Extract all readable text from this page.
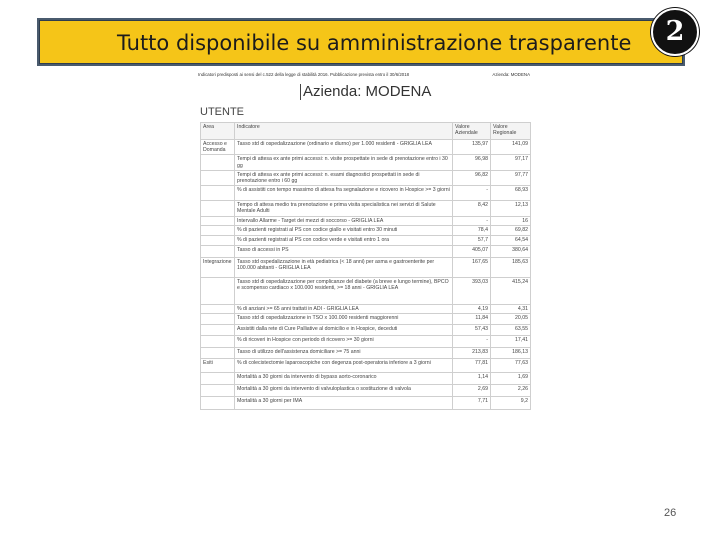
Tutto disponibile su amministrazione trasparente	2
Indicatori predisposti ai sensi del c.522 della legge di stabilità 2016. Pubblicazione prevista entro il 30/6/2018	Azienda: MODENA
Azienda: MODENA
UTENTE
Area	Indicatore	Valore Aziendale	Valore Regionale
Accesso e Domanda	Tasso std di ospedalizzazione (ordinario e diurno) per 1.000 residenti - GRIGLIA LEA	135,97	141,09
	Tempi di attesa ex ante primi accessi: n. visite prospettate in sede di prenotazione entro i 30 gg	96,98	97,17
	Tempi di attesa ex ante primi accessi: n. esami diagnostici prospettati in sede di prenotazione entro i 60 gg	96,82	97,77
	% di assistiti con tempo massimo di attesa fra segnalazione e ricovero in Hospice >= 3 giorni	-	68,93
	Tempo di attesa medio tra prenotazione e prima visita specialistica nei servizi di Salute Mentale Adulti	8,42	12,13
	Intervallo Allarme - Target dei mezzi di soccorso - GRIGLIA LEA	-	16
	% di pazienti registrati al PS con codice giallo e visitati entro 30 minuti	78,4	69,82
	% di pazienti registrati al PS con codice verde e visitati entro 1 ora	57,7	64,54
	Tasso di accessi in PS	405,07	380,64
Integrazione	Tasso std ospedalizzazione in età pediatrica (< 18 anni) per asma e gastroenterite per 100.000 abitanti - GRIGLIA LEA	167,65	185,63
	Tasso std di ospedalizzazione per complicanze del diabete (a breve e lungo termine), BPCO e scompenso cardiaco x 100.000 residenti, >= 18 anni - GRIGLIA LEA	393,03	415,24
	% di anziani >= 65 anni trattati in ADI - GRIGLIA LEA	4,19	4,31
	Tasso std di ospedalizzazione in TSO x 100.000 residenti maggiorenni	11,84	20,05
	Assistiti dalla rete di Cure Palliative al domicilio e in Hospice, deceduti	57,43	63,55
	% di ricoveri in Hospice con periodo di ricovero >= 30 giorni	-	17,41
	Tasso di utilizzo dell'assistenza domiciliare >= 75 anni	213,83	186,13
Esiti	% di colecistectomie laparoscopiche con degenza post-operatoria inferiore a 3 giorni	77,81	77,63
	Mortalità a 30 giorni da intervento di bypass aorto-coronarico	1,14	1,69
	Mortalità a 30 giorni da intervento di valvuloplastica o sostituzione di valvola	2,69	2,26
	Mortalità a 30 giorni per IMA	7,71	9,2
26
